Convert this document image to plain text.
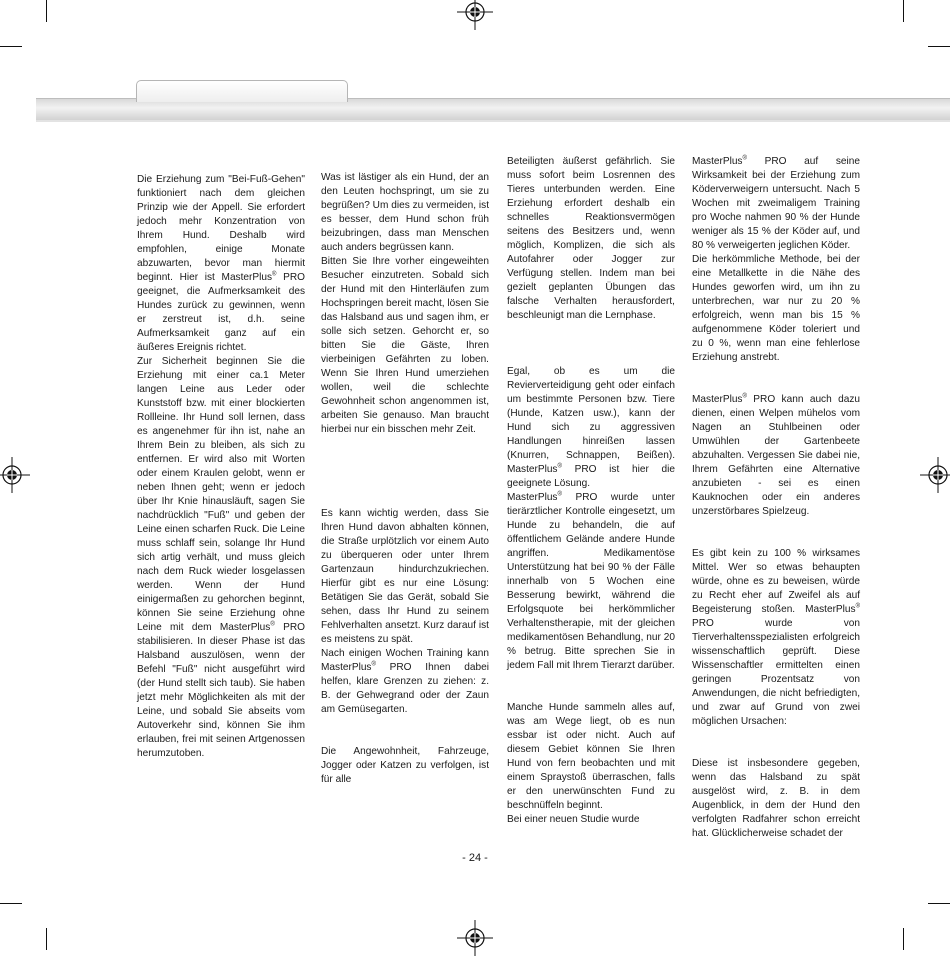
Die Erziehung zum "Bei-Fuß-Gehen" funktioniert nach dem gleichen Prinzip wie der Appell. Sie erfordert jedoch mehr Konzentration von Ihrem Hund. Deshalb wird empfohlen, einige Monate abzuwarten, bevor man hiermit beginnt. Hier ist MasterPlus® PRO geeignet, die Aufmerksamkeit des Hundes zurück zu gewinnen, wenn er zerstreut ist, d.h. seine Aufmerksamkeit ganz auf ein äußeres Ereignis richtet.

Zur Sicherheit beginnen Sie die Erziehung mit einer ca.1 Meter langen Leine aus Leder oder Kunststoff bzw. mit einer blockierten Rollleine. Ihr Hund soll lernen, dass es angenehmer für ihn ist, nahe an Ihrem Bein zu bleiben, als sich zu entfernen. Er wird also mit Worten oder einem Kraulen gelobt, wenn er neben Ihnen geht; wenn er jedoch über Ihr Knie hinausläuft, sagen Sie nachdrücklich "Fuß" und geben der Leine einen scharfen Ruck. Die Leine muss schlaff sein, solange Ihr Hund sich artig verhält, und muss gleich nach dem Ruck wieder losgelassen werden. Wenn der Hund einigermaßen zu gehorchen beginnt, können Sie seine Erziehung ohne Leine mit dem MasterPlus® PRO stabilisieren. In dieser Phase ist das Halsband auszulösen, wenn der Befehl "Fuß" nicht ausgeführt wird (der Hund stellt sich taub). Sie haben jetzt mehr Möglichkeiten als mit der Leine, und sobald Sie abseits vom Autoverkehr sind, können Sie ihm erlauben, frei mit seinen Artgenossen herumzutoben.

Was ist lästiger als ein Hund, der an den Leuten hochspringt, um sie zu begrüßen? Um dies zu vermeiden, ist es besser, dem Hund schon früh beizubringen, dass man Menschen auch anders begrüssen kann.

Bitten Sie Ihre vorher eingeweihten Besucher einzutreten. Sobald sich der Hund mit den Hinterläufen zum Hochspringen bereit macht, lösen Sie das Halsband aus und sagen ihm, er solle sich setzen. Gehorcht er, so bitten Sie die Gäste, Ihren vierbeinigen Gefährten zu loben. Wenn Sie Ihren Hund umerziehen wollen, weil die schlechte Gewohnheit schon angenommen ist, arbeiten Sie genauso. Man braucht hierbei nur ein bisschen mehr Zeit.

Es kann wichtig werden, dass Sie Ihren Hund davon abhalten können, die Straße urplötzlich vor einem Auto zu überqueren oder unter Ihrem Gartenzaun hindurchzukriechen. Hierfür gibt es nur eine Lösung: Betätigen Sie das Gerät, sobald Sie sehen, dass Ihr Hund zu seinem Fehlverhalten ansetzt. Kurz darauf ist es meistens zu spät.

Nach einigen Wochen Training kann MasterPlus® PRO Ihnen dabei helfen, klare Grenzen zu ziehen: z. B. der Gehwegrand oder der Zaun am Gemüsegarten.

Die Angewohnheit, Fahrzeuge, Jogger oder Katzen zu verfolgen, ist für alle

Beteiligten äußerst gefährlich. Sie muss sofort beim Losrennen des Tieres unterbunden werden. Eine Erziehung erfordert deshalb ein schnelles Reaktionsvermögen seitens des Besitzers und, wenn möglich, Komplizen, die sich als Autofahrer oder Jogger zur Verfügung stellen. Indem man bei gezielt geplanten Übungen das falsche Verhalten herausfordert, beschleunigt man die Lernphase.

Egal, ob es um die Revierverteidigung geht oder einfach um bestimmte Personen bzw. Tiere (Hunde, Katzen usw.), kann der Hund sich zu aggressiven Handlungen hinreißen lassen (Knurren, Schnappen, Beißen). MasterPlus® PRO ist hier die geeignete Lösung.

MasterPlus® PRO wurde unter tierärztlicher Kontrolle eingesetzt, um Hunde zu behandeln, die auf öffentlichem Gelände andere Hunde angriffen. Medikamentöse Unterstützung hat bei 90 % der Fälle innerhalb von 5 Wochen eine Besserung bewirkt, während die Erfolgsquote bei herkömmlicher Verhaltenstherapie, mit der gleichen medikamentösen Behandlung, nur 20 % betrug. Bitte sprechen Sie in jedem Fall mit Ihrem Tierarzt darüber.

Manche Hunde sammeln alles auf, was am Wege liegt, ob es nun essbar ist oder nicht. Auch auf diesem Gebiet können Sie Ihren Hund von fern beobachten und mit einem Spraystoß überraschen, falls er den unerwünschten Fund zu beschnüffeln beginnt.

Bei einer neuen Studie wurde

MasterPlus® PRO auf seine Wirksamkeit bei der Erziehung zum Köderverweigern untersucht. Nach 5 Wochen mit zweimaligem Training pro Woche nahmen 90 % der Hunde weniger als 15 % der Köder auf, und 80 % verweigerten jeglichen Köder.

Die herkömmliche Methode, bei der eine Metallkette in die Nähe des Hundes geworfen wird, um ihn zu unterbrechen, war nur zu 20 % erfolgreich, wenn man bis 15 % aufgenommene Köder toleriert und zu 0 %, wenn man eine fehlerlose Erziehung anstrebt.

MasterPlus® PRO kann auch dazu dienen, einen Welpen mühelos vom Nagen an Stuhlbeinen oder Umwühlen der Gartenbeete abzuhalten. Vergessen Sie dabei nie, Ihrem Gefährten eine Alternative anzubieten - sei es einen Kauknochen oder ein anderes unzerstörbares Spielzeug.

Es gibt kein zu 100 % wirksames Mittel. Wer so etwas behaupten würde, ohne es zu beweisen, würde zu Recht eher auf Zweifel als auf Begeisterung stoßen. MasterPlus® PRO wurde von Tierverhaltensspezialisten erfolgreich wissenschaftlich geprüft. Diese Wissenschaftler ermittelten einen geringen Prozentsatz von Anwendungen, die nicht befriedigten, und zwar auf Grund von zwei möglichen Ursachen:

Diese ist insbesondere gegeben, wenn das Halsband zu spät ausgelöst wird, z. B. in dem Augenblick, in dem der Hund den verfolgten Radfahrer schon erreicht hat. Glücklicherweise schadet der

- 24 -
